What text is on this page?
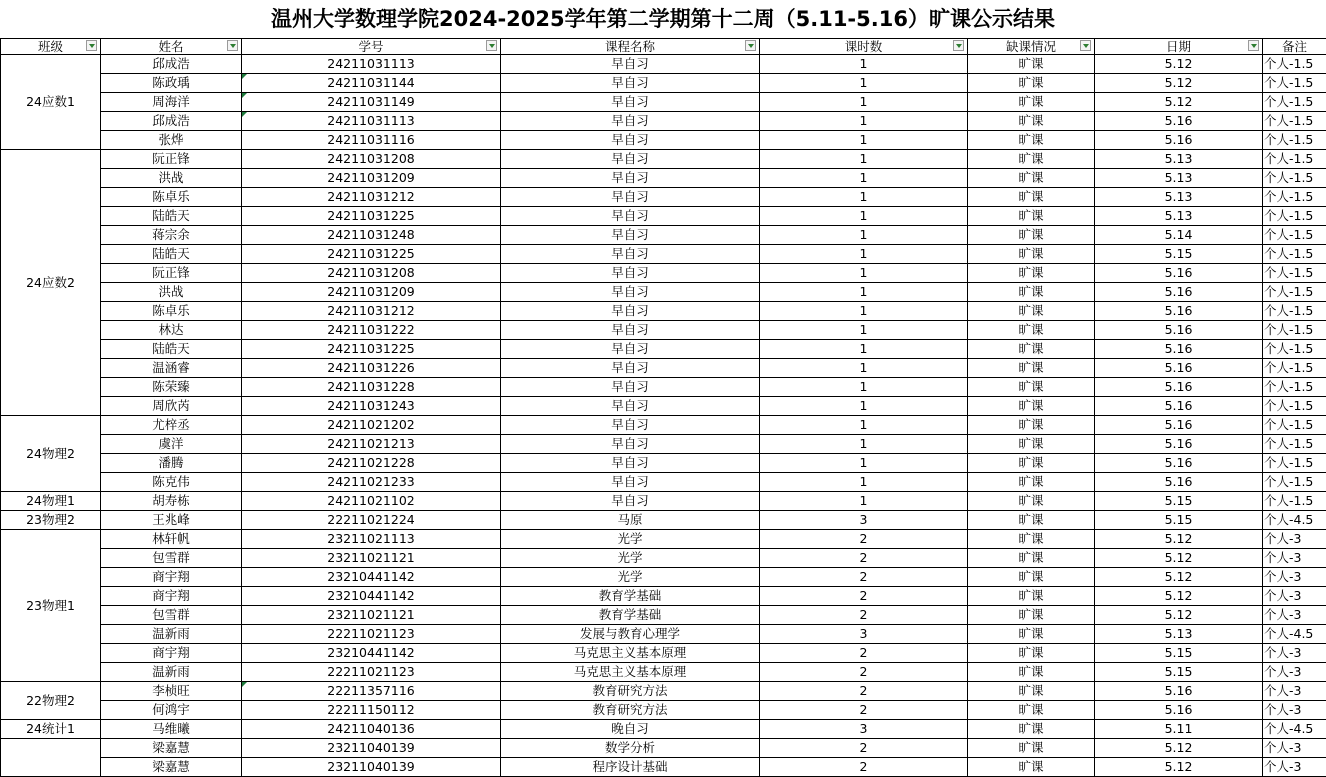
温州大学数理学院2024-2025学年第二学期第十二周（5.11-5.16）旷课公示结果
班级	姓名	学号	课程名称	课时数	缺课情况	日期	备注
24应数1	邱成浩	24211031113	早自习	1	旷课	5.12	个人-1.5
	陈政瑀	24211031144	早自习	1	旷课	5.12	个人-1.5
	周海洋	24211031149	早自习	1	旷课	5.12	个人-1.5
	邱成浩	24211031113	早自习	1	旷课	5.16	个人-1.5
	张烨	24211031116	早自习	1	旷课	5.16	个人-1.5
24应数2	阮正锋	24211031208	早自习	1	旷课	5.13	个人-1.5
	洪战	24211031209	早自习	1	旷课	5.13	个人-1.5
	陈卓乐	24211031212	早自习	1	旷课	5.13	个人-1.5
	陆皓天	24211031225	早自习	1	旷课	5.13	个人-1.5
	蒋宗余	24211031248	早自习	1	旷课	5.14	个人-1.5
	陆皓天	24211031225	早自习	1	旷课	5.15	个人-1.5
	阮正锋	24211031208	早自习	1	旷课	5.16	个人-1.5
	洪战	24211031209	早自习	1	旷课	5.16	个人-1.5
	陈卓乐	24211031212	早自习	1	旷课	5.16	个人-1.5
	林达	24211031222	早自习	1	旷课	5.16	个人-1.5
	陆皓天	24211031225	早自习	1	旷课	5.16	个人-1.5
	温涵睿	24211031226	早自习	1	旷课	5.16	个人-1.5
	陈荣臻	24211031228	早自习	1	旷课	5.16	个人-1.5
	周欣芮	24211031243	早自习	1	旷课	5.16	个人-1.5
24物理2	尤梓丞	24211021202	早自习	1	旷课	5.16	个人-1.5
	虞洋	24211021213	早自习	1	旷课	5.16	个人-1.5
	潘腾	24211021228	早自习	1	旷课	5.16	个人-1.5
	陈克伟	24211021233	早自习	1	旷课	5.16	个人-1.5
24物理1	胡寿栋	24211021102	早自习	1	旷课	5.15	个人-1.5
23物理2	王兆峰	22211021224	马原	3	旷课	5.15	个人-4.5
23物理1	林轩帆	23211021113	光学	2	旷课	5.12	个人-3
	包雪群	23211021121	光学	2	旷课	5.12	个人-3
	商宇翔	23210441142	光学	2	旷课	5.12	个人-3
	商宇翔	23210441142	教育学基础	2	旷课	5.12	个人-3
	包雪群	23211021121	教育学基础	2	旷课	5.12	个人-3
	温新雨	22211021123	发展与教育心理学	3	旷课	5.13	个人-4.5
	商宇翔	23210441142	马克思主义基本原理	2	旷课	5.15	个人-3
	温新雨	22211021123	马克思主义基本原理	2	旷课	5.15	个人-3
22物理2	李桢旺	22211357116	教育研究方法	2	旷课	5.16	个人-3
	何鸿宇	22211150112	教育研究方法	2	旷课	5.16	个人-3
24统计1	马维曦	24211040136	晚自习	3	旷课	5.11	个人-4.5
	梁嘉慧	23211040139	数学分析	2	旷课	5.12	个人-3
	梁嘉慧	23211040139	程序设计基础	2	旷课	5.12	个人-3
